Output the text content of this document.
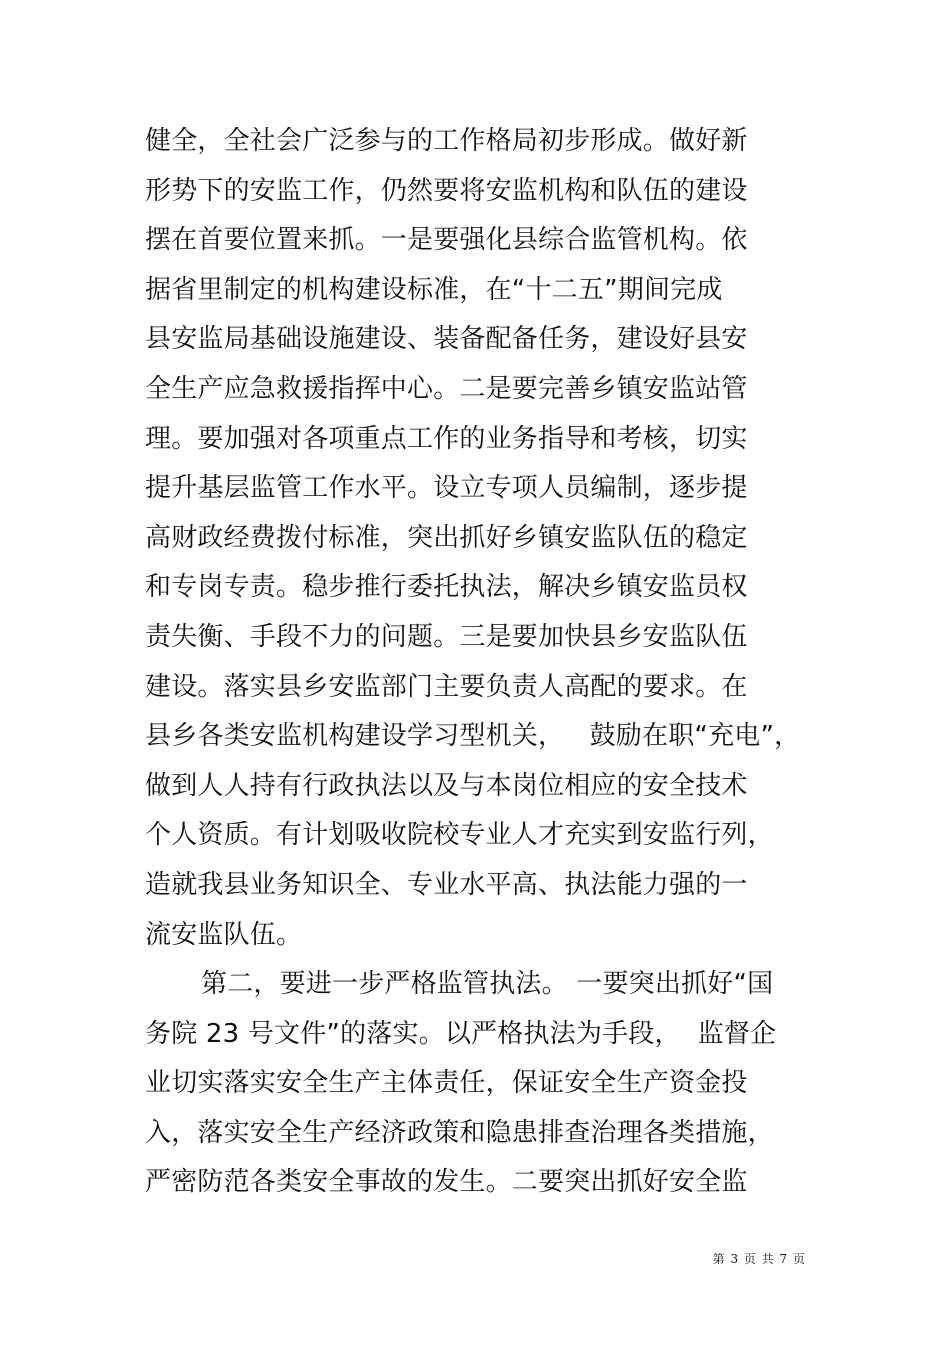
健全，全社会广泛参与的工作格局初步形成。做好新
形势下的安监工作，仍然要将安监机构和队伍的建设
摆在首要位置来抓。一是要强化县综合监管机构。依
据省里制定的机构建设标准，在“十二五”期间完成
县安监局基础设施建设、装备配备任务，建设好县安
全生产应急救援指挥中心。二是要完善乡镇安监站管
理。要加强对各项重点工作的业务指导和考核，切实
提升基层监管工作水平。设立专项人员编制，逐步提
高财政经费拨付标准，突出抓好乡镇安监队伍的稳定
和专岗专责。稳步推行委托执法，解决乡镇安监员权
责失衡、手段不力的问题。三是要加快县乡安监队伍
建设。落实县乡安监部门主要负责人高配的要求。在
县乡各类安监机构建设学习型机关，   鼓励在职“充电”，
做到人人持有行政执法以及与本岗位相应的安全技术
个人资质。有计划吸收院校专业人才充实到安监行列，
造就我县业务知识全、专业水平高、执法能力强的一
流安监队伍。
第二，要进一步严格监管执法。 一要突出抓好“国
务院 23 号文件”的落实。以严格执法为手段，  监督企
业切实落实安全生产主体责任，保证安全生产资金投
入，落实安全生产经济政策和隐患排查治理各类措施，
严密防范各类安全事故的发生。二要突出抓好安全监
第 3 页 共 7 页
